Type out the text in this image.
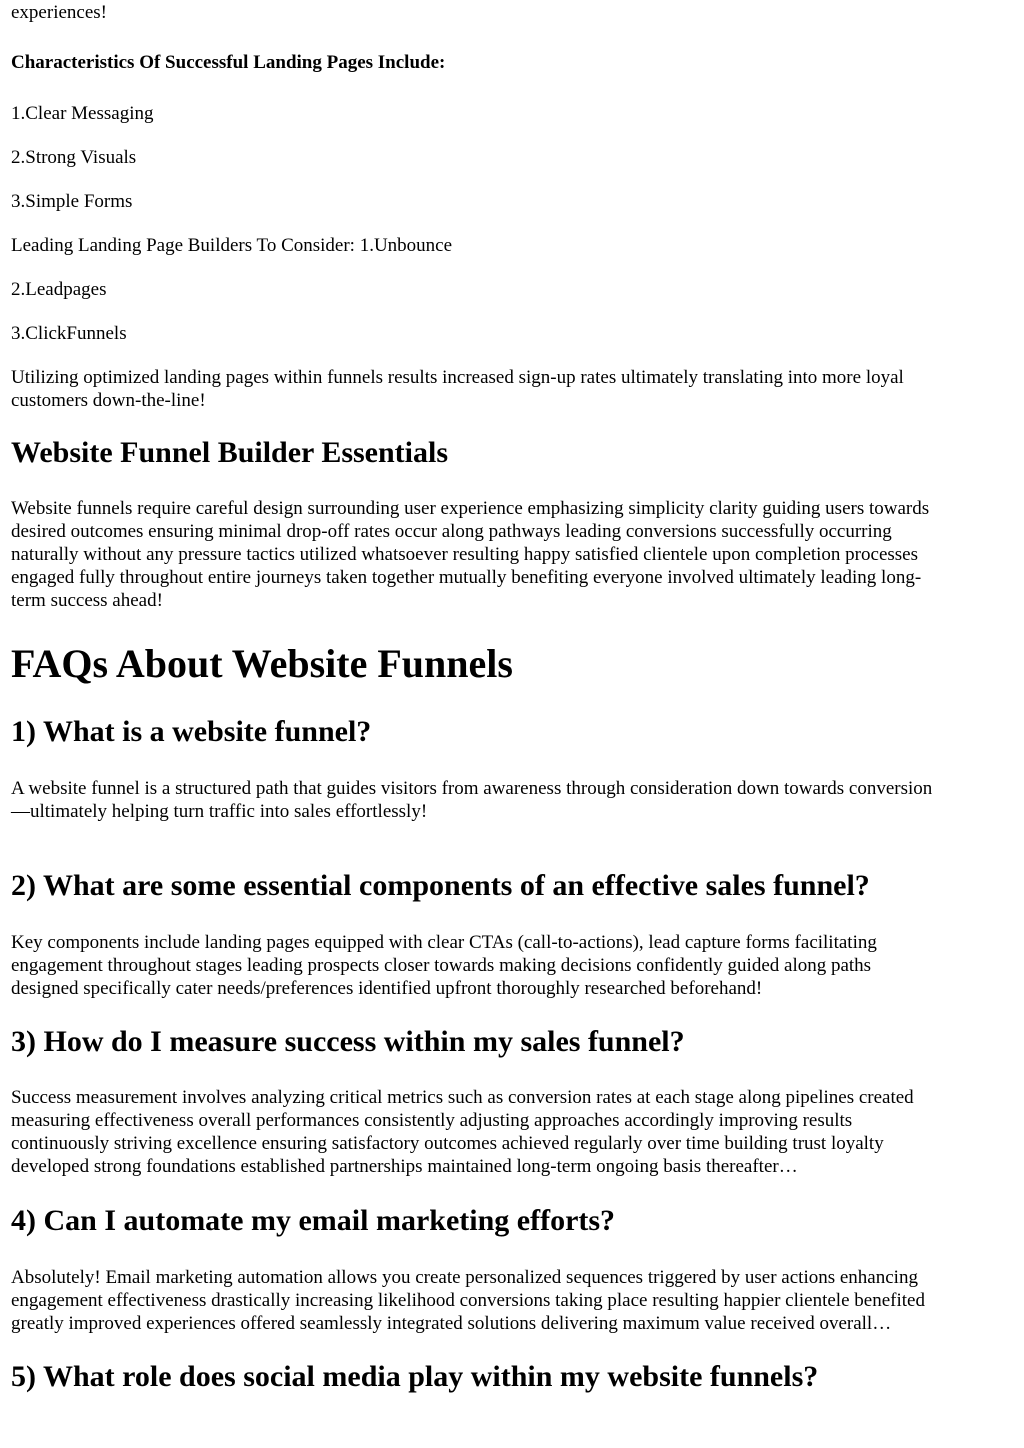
experiences!

Characteristics Of Successful Landing Pages Include:

1.Clear Messaging

2.Strong Visuals

3.Simple Forms

Leading Landing Page Builders To Consider: 1.Unbounce

2.Leadpages

3.ClickFunnels

Utilizing optimized landing pages within funnels results increased sign-up rates ultimately translating into more loyal
customers down-the-line!
Website Funnel Builder Essentials
Website funnels require careful design surrounding user experience emphasizing simplicity clarity guiding users towards
desired outcomes ensuring minimal drop-off rates occur along pathways leading conversions successfully occurring
naturally without any pressure tactics utilized whatsoever resulting happy satisfied clientele upon completion processes
engaged fully throughout entire journeys taken together mutually benefiting everyone involved ultimately leading long-
term success ahead!
FAQs About Website Funnels
1) What is a website funnel?
A website funnel is a structured path that guides visitors from awareness through consideration down towards conversion
—ultimately helping turn traffic into sales effortlessly!
2) What are some essential components of an effective sales funnel?
Key components include landing pages equipped with clear CTAs (call-to-actions), lead capture forms facilitating
engagement throughout stages leading prospects closer towards making decisions confidently guided along paths
designed specifically cater needs/preferences identified upfront thoroughly researched beforehand!
3) How do I measure success within my sales funnel?
Success measurement involves analyzing critical metrics such as conversion rates at each stage along pipelines created
measuring effectiveness overall performances consistently adjusting approaches accordingly improving results
continuously striving excellence ensuring satisfactory outcomes achieved regularly over time building trust loyalty
developed strong foundations established partnerships maintained long-term ongoing basis thereafter…
4) Can I automate my email marketing efforts?
Absolutely! Email marketing automation allows you create personalized sequences triggered by user actions enhancing
engagement effectiveness drastically increasing likelihood conversions taking place resulting happier clientele benefited
greatly improved experiences offered seamlessly integrated solutions delivering maximum value received overall…
5) What role does social media play within my website funnels?
